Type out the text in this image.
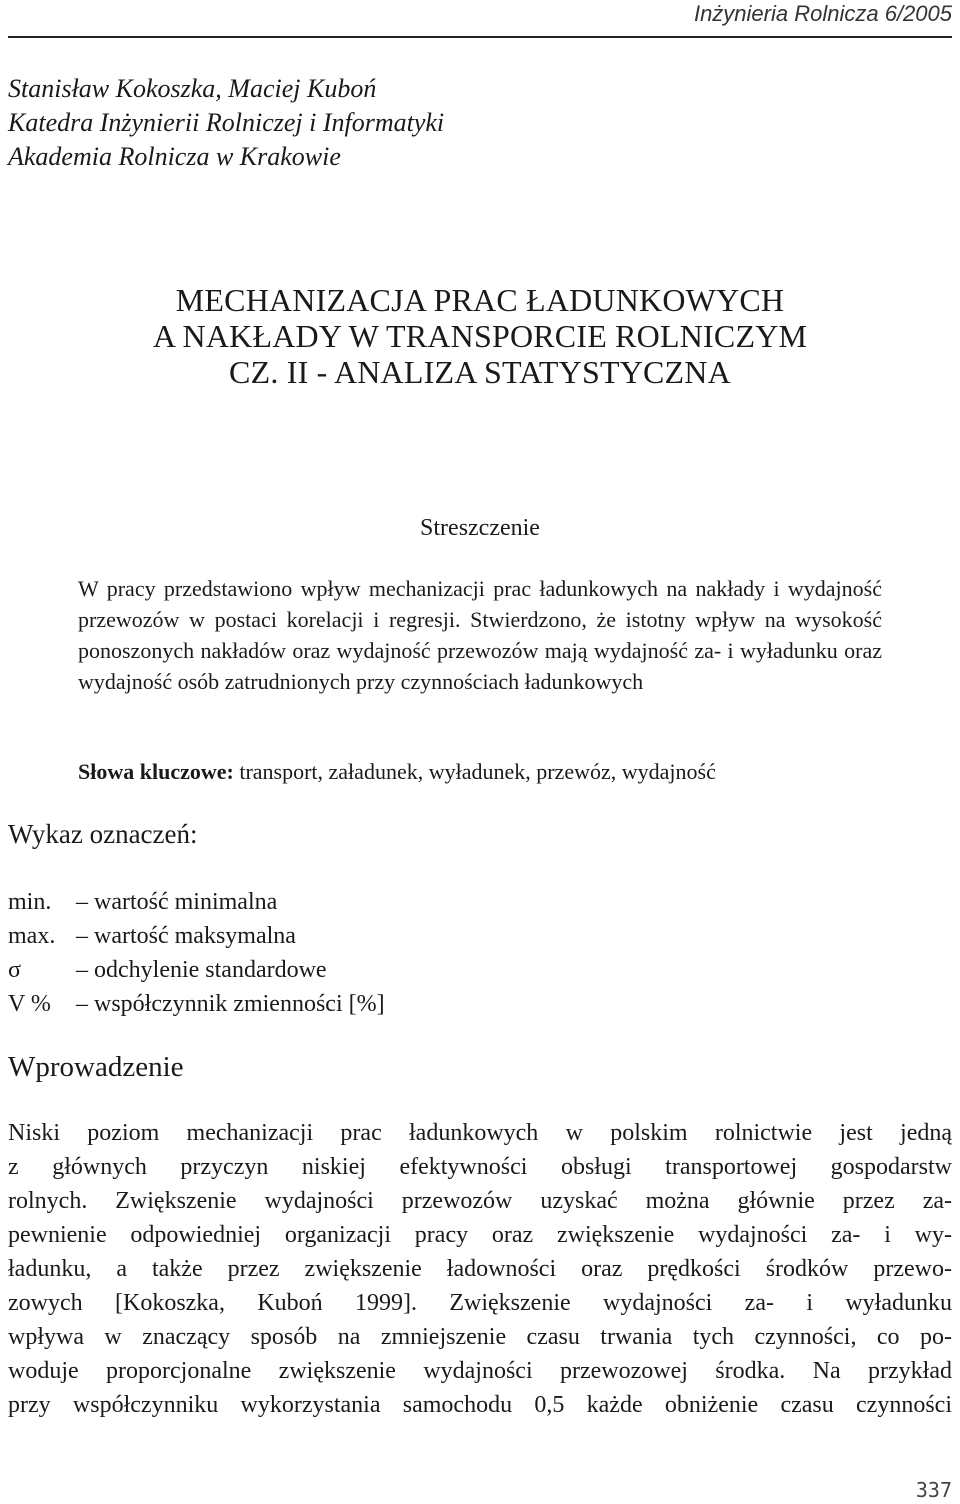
Inżynieria Rolnicza 6/2005
Stanisław Kokoszka, Maciej Kuboń
Katedra Inżynierii Rolniczej i Informatyki
Akademia Rolnicza w Krakowie
MECHANIZACJA PRAC ŁADUNKOWYCH
A NAKŁADY W TRANSPORCIE ROLNICZYM
CZ. II - ANALIZA STATYSTYCZNA
Streszczenie

W pracy przedstawiono wpływ mechanizacji prac ładunkowych na nakłady i wydajność przewozów w postaci korelacji i regresji. Stwierdzono, że istotny wpływ na wysokość ponoszonych nakładów oraz wydajność przewozów mają wydajność za- i wyładunku oraz wydajność osób zatrudnionych przy czynnościach ładunkowych

Słowa kluczowe: transport, załadunek, wyładunek, przewóz, wydajność
Wykaz oznaczeń:
min. – wartość minimalna
max. – wartość maksymalna
σ – odchylenie standardowe
V % – współczynnik zmienności [%]
Wprowadzenie
Niski poziom mechanizacji prac ładunkowych w polskim rolnictwie jest jedną
z głównych przyczyn niskiej efektywności obsługi transportowej gospodarstw
rolnych. Zwiększenie wydajności przewozów uzyskać można głównie przez za-
pewnienie odpowiedniej organizacji pracy oraz zwiększenie wydajności za- i wy-
ładunku, a także przez zwiększenie ładowności oraz prędkości środków przewo-
zowych [Kokoszka, Kuboń 1999]. Zwiększenie wydajności za- i wyładunku
wpływa w znaczący sposób na zmniejszenie czasu trwania tych czynności, co po-
woduje proporcjonalne zwiększenie wydajności przewozowej środka. Na przykład
przy współczynniku wykorzystania samochodu 0,5 każde obniżenie czasu czynności
337
